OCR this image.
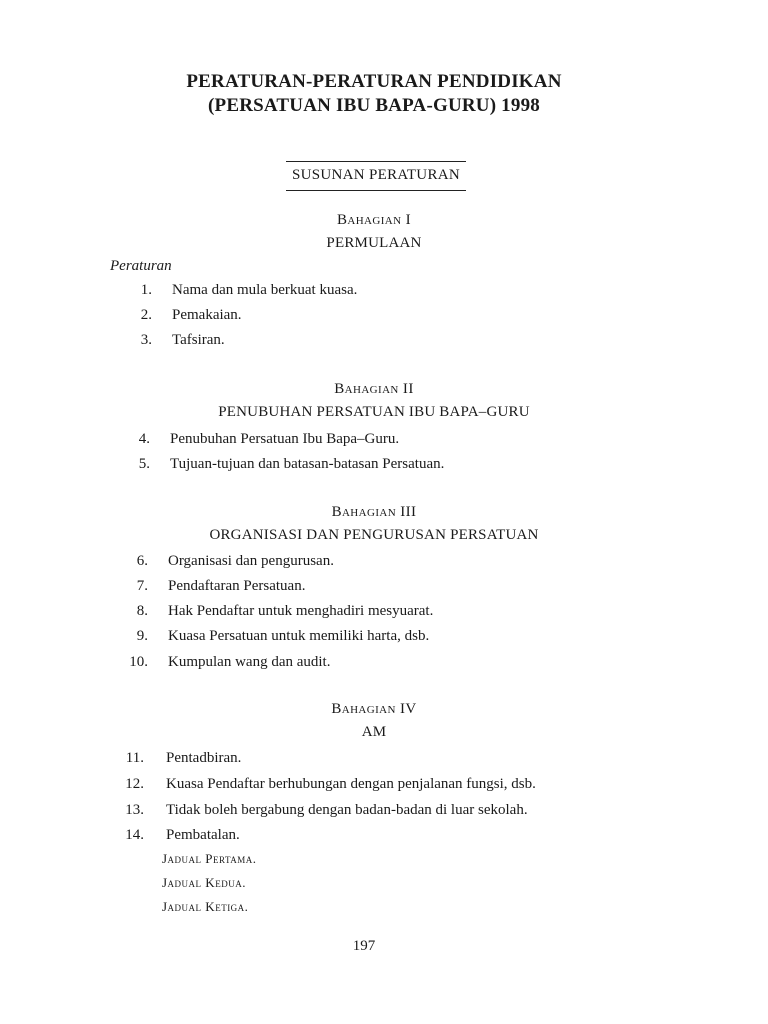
PERATURAN-PERATURAN PENDIDIKAN
(PERSATUAN IBU BAPA-GURU) 1998
SUSUNAN PERATURAN
Bahagian I
PERMULAAN
Peraturan
1. Nama dan mula berkuat kuasa.
2. Pemakaian.
3. Tafsiran.
Bahagian II
PENUBUHAN PERSATUAN IBU BAPA–GURU
4. Penubuhan Persatuan Ibu Bapa–Guru.
5. Tujuan-tujuan dan batasan-batasan Persatuan.
Bahagian III
ORGANISASI DAN PENGURUSAN PERSATUAN
6. Organisasi dan pengurusan.
7. Pendaftaran Persatuan.
8. Hak Pendaftar untuk menghadiri mesyuarat.
9. Kuasa Persatuan untuk memiliki harta, dsb.
10. Kumpulan wang dan audit.
Bahagian IV
AM
11. Pentadbiran.
12. Kuasa Pendaftar berhubungan dengan penjalanan fungsi, dsb.
13. Tidak boleh bergabung dengan badan-badan di luar sekolah.
14. Pembatalan.
Jadual Pertama.
Jadual Kedua.
Jadual Ketiga.
197
